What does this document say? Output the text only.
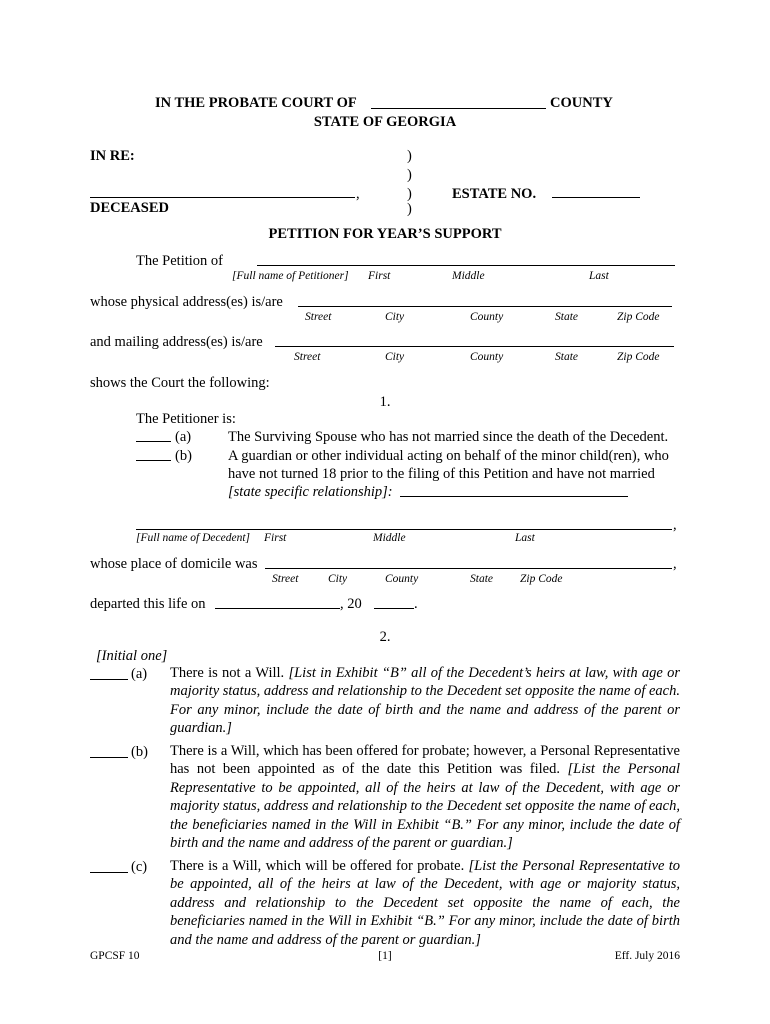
IN THE PROBATE COURT OF	COUNTY
STATE OF GEORGIA
IN RE:	)
)
)
)
,
DECEASED
ESTATE NO.
PETITION FOR YEAR’S SUPPORT
The Petition of
[Full name of Petitioner] First	Middle	Last
whose physical address(es) is/are
Street	City	County	State	Zip Code
and mailing address(es) is/are
Street	City	County	State	Zip Code
shows the Court the following:
1.
The Petitioner is:
(a)	The Surviving Spouse who has not married since the death of the Decedent.
(b) A guardian or other individual acting on behalf of the minor child(ren), who
have not turned 18 prior to the filing of this Petition and have not married
[state specific relationship]:
,
[Full name of Decedent] First	Middle	Last
whose place of domicile was	,
Street	City	County	State Zip Code
departed this life on	, 20	.
2.
[Initial one]
(a) There is not a Will. [List in Exhibit “B” all of the Decedent’s heirs at law, with age or majority status, address and relationship to the Decedent set opposite the name of each. For any minor, include the date of birth and the name and address of the parent or guardian.]
(b) There is a Will, which has been offered for probate; however, a Personal Representative has not been appointed as of the date this Petition was filed. [List the Personal Representative to be appointed, all of the heirs at law of the Decedent, with age or majority status, address and relationship to the Decedent set opposite the name of each, the beneficiaries named in the Will in Exhibit “B.” For any minor, include the date of birth and the name and address of the parent or guardian.]
(c) There is a Will, which will be offered for probate. [List the Personal Representative to be appointed, all of the heirs at law of the Decedent, with age or majority status, address and relationship to the Decedent set opposite the name of each, the beneficiaries named in the Will in Exhibit “B.” For any minor, include the date of birth and the name and address of the parent or guardian.]
GPCSF 10	[1]	Eff. July 2016
